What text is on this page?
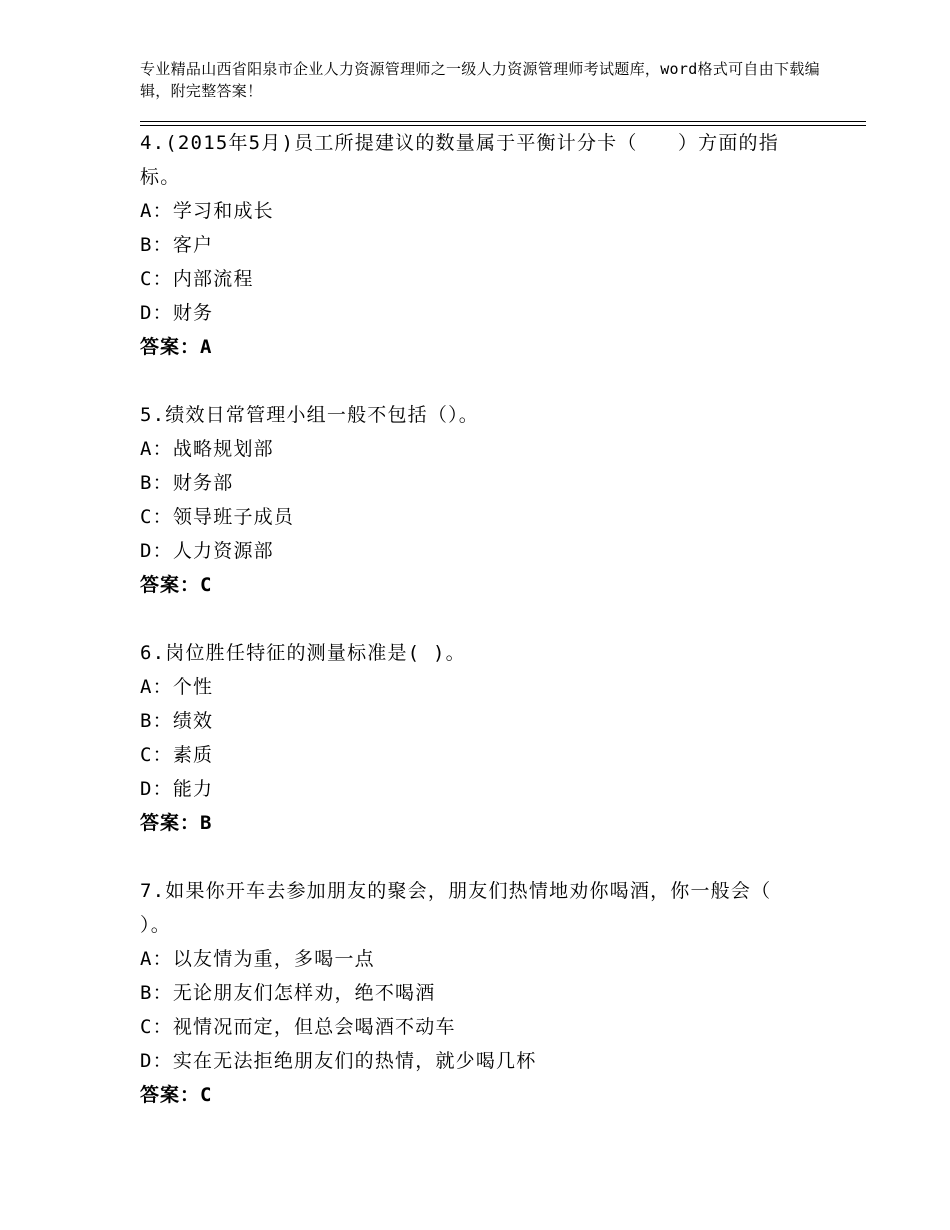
专业精品山西省阳泉市企业人力资源管理师之一级人力资源管理师考试题库，word格式可自由下载编辑，附完整答案！
4.(2015年5月)员工所提建议的数量属于平衡计分卡（　　）方面的指标。
A：学习和成长
B：客户
C：内部流程
D：财务
答案：A
5.绩效日常管理小组一般不包括（）。
A：战略规划部
B：财务部
C：领导班子成员
D：人力资源部
答案：C
6.岗位胜任特征的测量标准是( )。
A：个性
B：绩效
C：素质
D：能力
答案：B
7.如果你开车去参加朋友的聚会，朋友们热情地劝你喝酒，你一般会（ ）。
A：以友情为重，多喝一点
B：无论朋友们怎样劝，绝不喝酒
C：视情况而定，但总会喝酒不动车
D：实在无法拒绝朋友们的热情，就少喝几杯
答案：C
